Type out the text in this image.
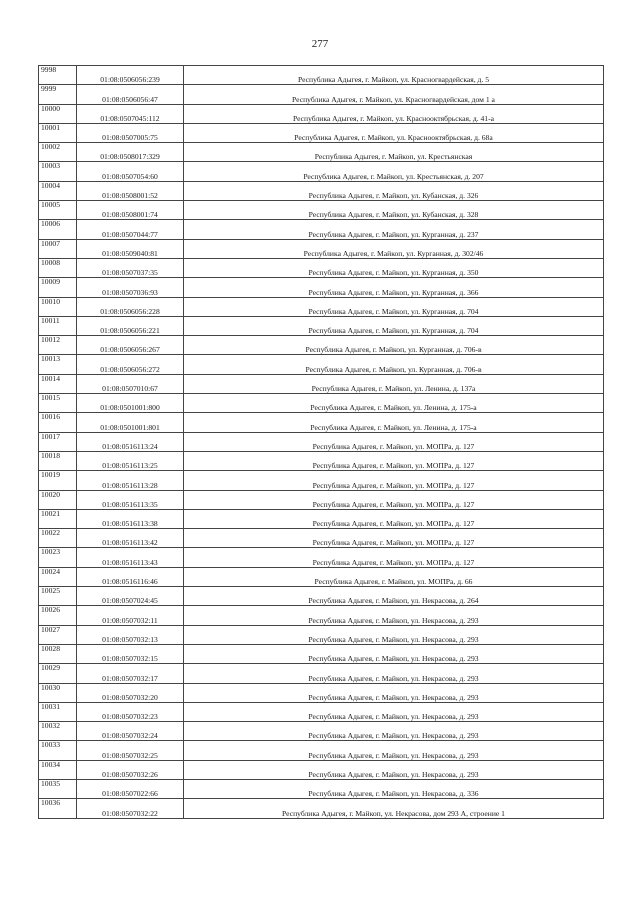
277
9998	01:08:0506056:239	Республика Адыгея, г. Майкоп, ул. Красногвардейская, д. 5
9999	01:08:0506056:47	Республика Адыгея, г. Майкоп, ул. Красногвардейская, дом 1 а
10000	01:08:0507045:112	Республика Адыгея, г. Майкоп, ул. Краснооктябрьская, д. 41-а
10001	01:08:0507005:75	Республика Адыгея, г. Майкоп, ул. Краснооктябрьская, д. 68а
10002	01:08:0508017:329	Республика Адыгея, г. Майкоп, ул. Крестьянская
10003	01:08:0507054:60	Республика Адыгея, г. Майкоп, ул. Крестьянская, д. 207
10004	01:08:0508001:52	Республика Адыгея, г. Майкоп, ул. Кубанская, д. 326
10005	01:08:0508001:74	Республика Адыгея, г. Майкоп, ул. Кубанская, д. 328
10006	01:08:0507044:77	Республика Адыгея, г. Майкоп, ул. Курганная, д. 237
10007	01:08:0509040:81	Республика Адыгея, г. Майкоп, ул. Курганная, д. 302/46
10008	01:08:0507037:35	Республика Адыгея, г. Майкоп, ул. Курганная, д. 350
10009	01:08:0507036:93	Республика Адыгея, г. Майкоп, ул. Курганная, д. 366
10010	01:08:0506056:228	Республика Адыгея, г. Майкоп, ул. Курганная, д. 704
10011	01:08:0506056:221	Республика Адыгея, г. Майкоп, ул. Курганная, д. 704
10012	01:08:0506056:267	Республика Адыгея, г. Майкоп, ул. Курганная, д. 706-в
10013	01:08:0506056:272	Республика Адыгея, г. Майкоп, ул. Курганная, д. 706-в
10014	01:08:0507010:67	Республика Адыгея, г. Майкоп, ул. Ленина, д. 137а
10015	01:08:0501001:800	Республика Адыгея, г. Майкоп, ул. Ленина, д. 175-а
10016	01:08:0501001:801	Республика Адыгея, г. Майкоп, ул. Ленина, д. 175-а
10017	01:08:0516113:24	Республика Адыгея, г. Майкоп, ул. МОПРа, д. 127
10018	01:08:0516113:25	Республика Адыгея, г. Майкоп, ул. МОПРа, д. 127
10019	01:08:0516113:28	Республика Адыгея, г. Майкоп, ул. МОПРа, д. 127
10020	01:08:0516113:35	Республика Адыгея, г. Майкоп, ул. МОПРа, д. 127
10021	01:08:0516113:38	Республика Адыгея, г. Майкоп, ул. МОПРа, д. 127
10022	01:08:0516113:42	Республика Адыгея, г. Майкоп, ул. МОПРа, д. 127
10023	01:08:0516113:43	Республика Адыгея, г. Майкоп, ул. МОПРа, д. 127
10024	01:08:0516116:46	Республика Адыгея, г. Майкоп, ул. МОПРа, д. 66
10025	01:08:0507024:45	Республика Адыгея, г. Майкоп, ул. Некрасова, д. 264
10026	01:08:0507032:11	Республика Адыгея, г. Майкоп, ул. Некрасова, д. 293
10027	01:08:0507032:13	Республика Адыгея, г. Майкоп, ул. Некрасова, д. 293
10028	01:08:0507032:15	Республика Адыгея, г. Майкоп, ул. Некрасова, д. 293
10029	01:08:0507032:17	Республика Адыгея, г. Майкоп, ул. Некрасова, д. 293
10030	01:08:0507032:20	Республика Адыгея, г. Майкоп, ул. Некрасова, д. 293
10031	01:08:0507032:23	Республика Адыгея, г. Майкоп, ул. Некрасова, д. 293
10032	01:08:0507032:24	Республика Адыгея, г. Майкоп, ул. Некрасова, д. 293
10033	01:08:0507032:25	Республика Адыгея, г. Майкоп, ул. Некрасова, д. 293
10034	01:08:0507032:26	Республика Адыгея, г. Майкоп, ул. Некрасова, д. 293
10035	01:08:0507022:66	Республика Адыгея, г. Майкоп, ул. Некрасова, д. 336
10036	01:08:0507032:22	Республика Адыгея, г. Майкоп, ул. Некрасова, дом 293 А, строение 1
